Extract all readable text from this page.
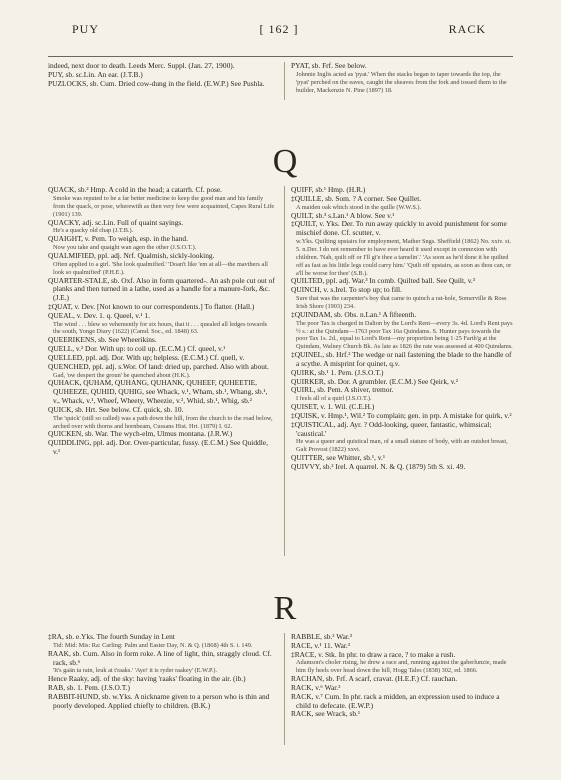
PUY	[ 162 ]	RACK

indeed, next door to death. Leeds Merc. Suppl. (Jan. 27, 1900).

PUY, sb. sc.Lin. An ear. (J.T.B.)

PUZLOCKS, sb. Cum. Dried cow-dung in the field. (E.W.P.) See Pushla.

PYAT, sb. Frf. See below.

Johnnie Inglis acted as 'pyat.' When the stacks began to taper towards the top, the 'pyat' perched on the eaves, caught the sheaves from the fork and tossed them to the builder, Mackenzie N. Pine (1897) 18.

Q

QUACK, sb.² Hmp. A cold in the head; a catarrh. Cf. pose.

Smoke was reputed to be a far better medicine to keep the good man and his family from the quack, or pose, wherewith as then very few were acquainted, Capes Rural Life (1901) 139.

QUACKY, adj. sc.Lin. Full of quaint sayings.

He's a quacky old chap (J.T.B.).

QUAIGHT, v. Pem. To weigh, esp. in the hand.

Now you take and quaight wan agen the other (J.S.O.T.).

QUALMIFIED, ppl. adj. Nrf. Qualmish, sickly-looking.

Often applied to a girl. 'She look qualmified.' 'Doan't like 'em at all—the mavthers all look so qualmified' (P.H.E.).

QUARTER-STALE, sb. Oxf. Also in form quartered-. An ash pole cut out of planks and then turned in a lathe, used as a handle for a manure-fork, &c. (J.E.)

‡QUAT, v. Dev. [Not known to our correspondents.] To flatter. (Hall.)

QUEAL, v. Dev. 1. q. Queel, v.¹ 1.

The wind . . . blew so vehemently for six hours, that it . . . quealed all ledges towards the south, Yonge Diary (1622) (Camd. Soc., ed. 1848) 63.

QUEERIKENS, sb. See Wheerikins.

QUELL, v.² Dor. With up: to coil up. (E.C.M.) Cf. queel, v.¹

QUELLED, ppl. adj. Dor. With up; helpless. (E.C.M.) Cf. quell, v.

QUENCHED, ppl. adj. s.Wor. Of land: dried up, parched. Also with about.

Gad, 'ow despert the groun' be quenched about (H.K.).

QUHACK, QUHAM, QUHANG, QUHANK, QUHEEF, QUHEETIE, QUHEEZE, QUHID, QUHIG, see Whack, v.¹, Wham, sb.¹, Whang, sb.¹, v., Whack, v.¹, Wheef, Wheety, Wheezie, v.², Whid, sb.¹, Whig, sb.²

QUICK, sb. Hrt. See below. Cf. quick, sb. 10.

The 'quick' (still so called) was a path down the hill, from the church to the road below, arched over with thorns and hornbeam, Cussans Hist. Hrt. (1879) I. 62.

QUICKEN, sb. War. The wych-elm, Ulmus montana. (J.R.W.)

QUIDDLING, ppl. adj. Dor. Over-particular, fussy. (E.C.M.) See Quiddle, v.¹

QUIFF, sb.¹ Hmp. (H.R.)

‡QUILLE, sb. Som. ? A corner. See Quillet.

A maiden oak which stood in the quille (W.W.S.).

QUILT, sb.³ s.Lan.¹ A blow. See v.¹

‡QUILT, v. Yks. Der. To run away quickly to avoid punishment for some mischief done. Cf. scutter, v.

w.Yks. Quilting upstairs for employment, Mather Sngs. Sheffield (1862) No. xxiv. st. 5. n.Der. I do not remember to have ever heard it used except in connexion with children. 'Nah, quilt off or I'll gi'e thee a tamelin'.' 'As soon as he'd done it he quilted off as fast as his little legs could carry him.' 'Quilt off upstairs, as soon as thou can, or a'll be worse for thee' (S.B.).

QUILTED, ppl. adj. War.³ In comb. Quilted ball. See Quilt, v.³

QUINCH, v. s.Irel. To stop up; to fill.

Sure that was the carpenter's boy that came to quinch a rat-hole, Somerville & Ross Irish Shore (1903) 234.

‡QUINDAM, sb. Obs. n.Lan.¹ A fifteenth.

The poor Tax is charged in Dalton by the Lord's Rent—every 3s. 4d. Lord's Rent pays ½ s.: at the Quindam—1763 poor Tax 16a Quindams. S. Hunter pays towards the poor Tax 1s. 2d., equal to Lord's Rent—my proportion being 1·25 Farth'g at the Quindam, Walney Church Bk. As late as 1826 the rate was assessed at 400 Quindams.

‡QUINEL, sb. Hrf.² The wedge or nail fastening the blade to the handle of a scythe. A misprint for quinet, q.v.

QUIRK, sb.¹ 1. Pem. (J.S.O.T.)

QUIRKER, sb. Dor. A grumbler. (E.C.M.) See Qeirk, v.²

QUIRL, sb. Pem. A shiver, tremor.

I feels all of a quirl (J.S.O.T.).

QUISET, v. 1. Wil. (C.E.H.)

‡QUISK, v. Hmp.¹, Wil.² To complain; gen. in prp. A mistake for quirk, v.²

‡QUISTICAL, adj. Ayr. ? Odd-looking, queer, fantastic, whimsical; 'caustical.'

He was a queer and quistical man, of a small stature of body, with an outshot breast, Galt Provost (1822) xxvi.

QUITTER, see Whitter, sb.¹, v.¹

QUIVVY, sb.² Irel. A quarrel. N. & Q. (1879) 5th S. xi. 49.

R

‡RA, sb. e.Yks. The fourth Sunday in Lent

Tid: Mid: Mis: Ra: Carling: Palm and Easter Day, N. & Q. (1868) 4th S. i. 149.

RAAK, sb. Cum. Also in form roke. A line of light, thin, straggly cloud. Cf. rack, sb.⁶

'It's gaän ta rain, leuk at t'raaks.' 'Aye! it is ryder raakey' (E.W.P.).

Hence Raaky, adj. of the sky: having 'raaks' floating in the air. (ib.)

RAB, sb. 1. Pem. (J.S.O.T.)

RABBIT-HUND, sb. w.Yks. A nickname given to a person who is thin and poorly developed. Applied chiefly to children. (B.K.)

RABBLE, sb.² War.³

RACE, v.¹ 11. War.³

‡RACE, v. Stk. In phr. to draw a race, ? to make a rush.

Adamson's choler rising, he drew a race and, running against the gaberlunzie, made him fly heels over head down the hill, Hogg Tales (1838) 302, ed. 1866.

RACHAN, sb. Frf. A scarf, cravat. (H.E.F.) Cf. rauchan.

RACK, v.⁶ War.³

RACK, v.⁷ Cum. In phr. rack a midden, an expression used to induce a child to defecate. (E.W.P.)

RACK, see Wrack, sb.¹
